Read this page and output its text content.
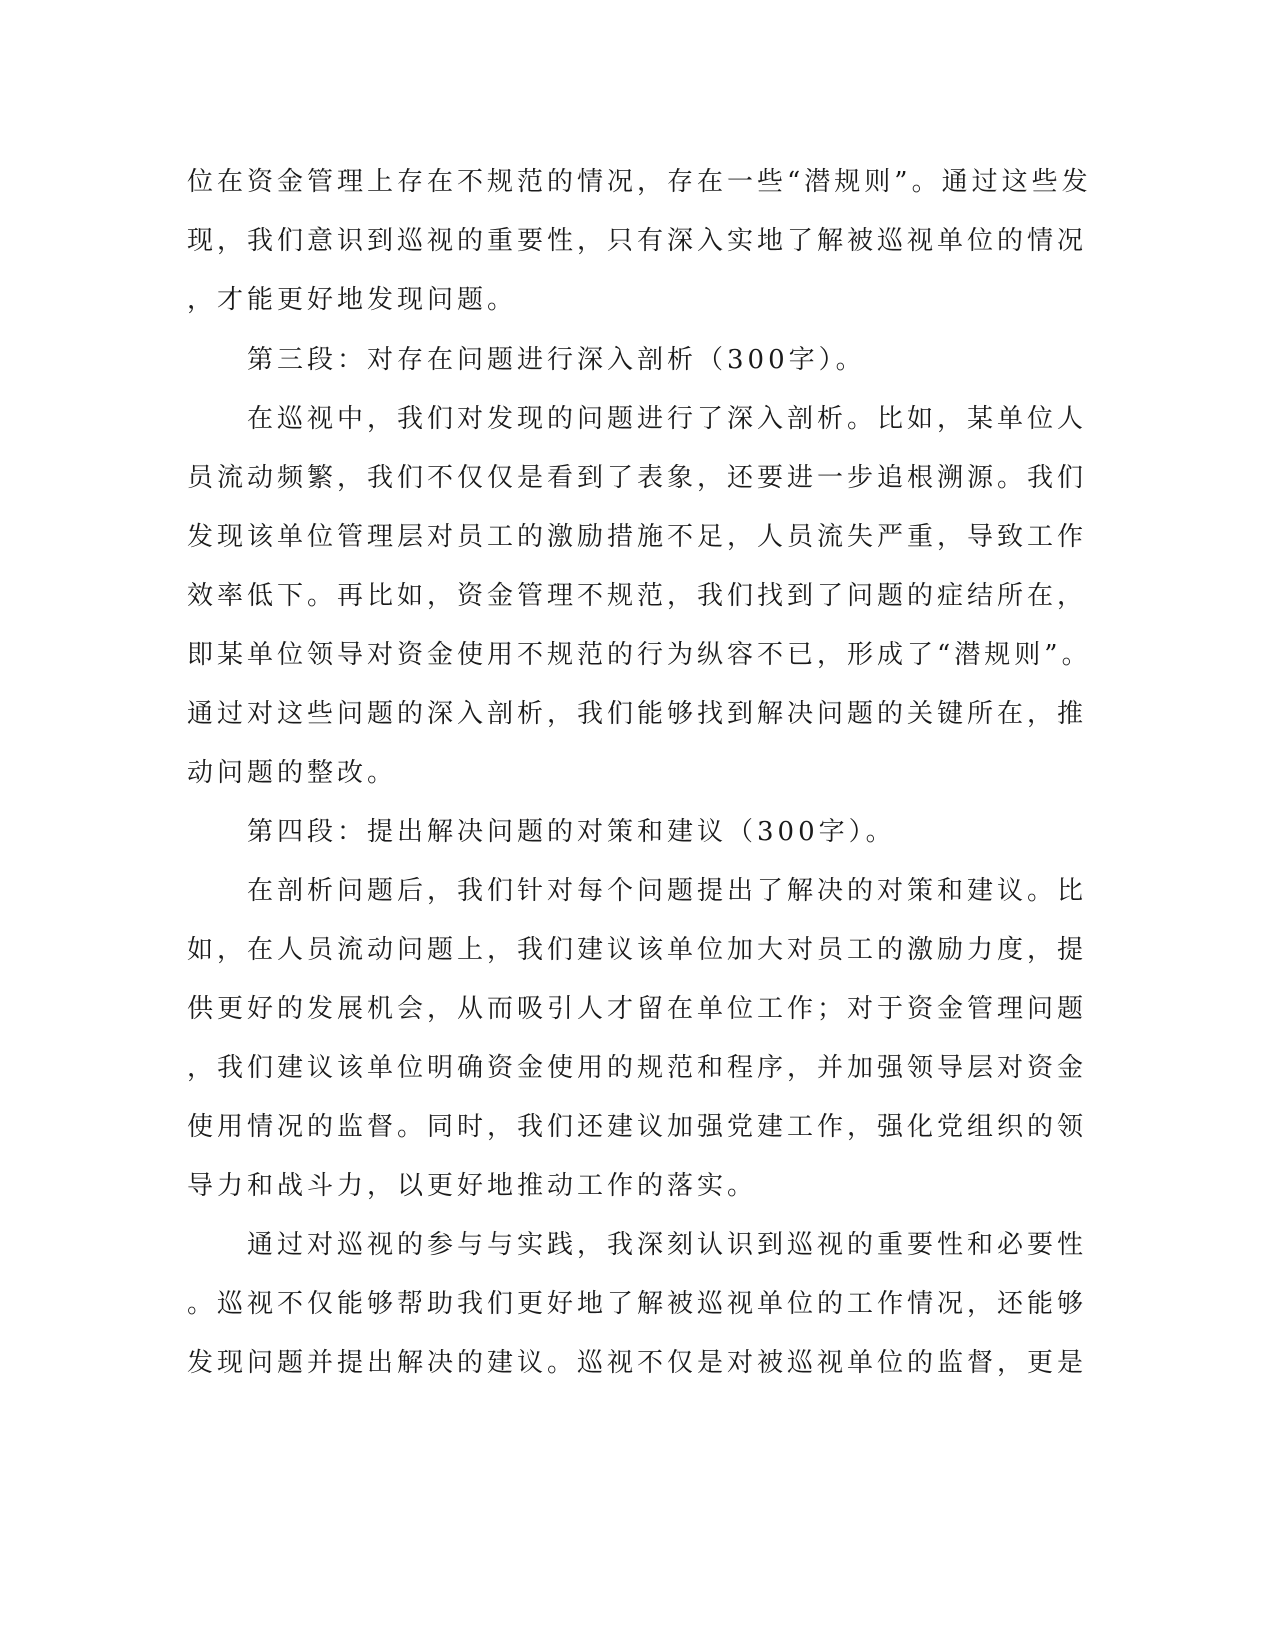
位在资金管理上存在不规范的情况，存在一些“潜规则”。通过这些发

现，我们意识到巡视的重要性，只有深入实地了解被巡视单位的情况

，才能更好地发现问题。

　　第三段：对存在问题进行深入剖析（300字）。

　　在巡视中，我们对发现的问题进行了深入剖析。比如，某单位人

员流动频繁，我们不仅仅是看到了表象，还要进一步追根溯源。我们

发现该单位管理层对员工的激励措施不足，人员流失严重，导致工作

效率低下。再比如，资金管理不规范，我们找到了问题的症结所在，

即某单位领导对资金使用不规范的行为纵容不已，形成了“潜规则”。

通过对这些问题的深入剖析，我们能够找到解决问题的关键所在，推

动问题的整改。

　　第四段：提出解决问题的对策和建议（300字）。

　　在剖析问题后，我们针对每个问题提出了解决的对策和建议。比

如，在人员流动问题上，我们建议该单位加大对员工的激励力度，提

供更好的发展机会，从而吸引人才留在单位工作；对于资金管理问题

，我们建议该单位明确资金使用的规范和程序，并加强领导层对资金

使用情况的监督。同时，我们还建议加强党建工作，强化党组织的领

导力和战斗力，以更好地推动工作的落实。

　　通过对巡视的参与与实践，我深刻认识到巡视的重要性和必要性

。巡视不仅能够帮助我们更好地了解被巡视单位的工作情况，还能够

发现问题并提出解决的建议。巡视不仅是对被巡视单位的监督，更是
